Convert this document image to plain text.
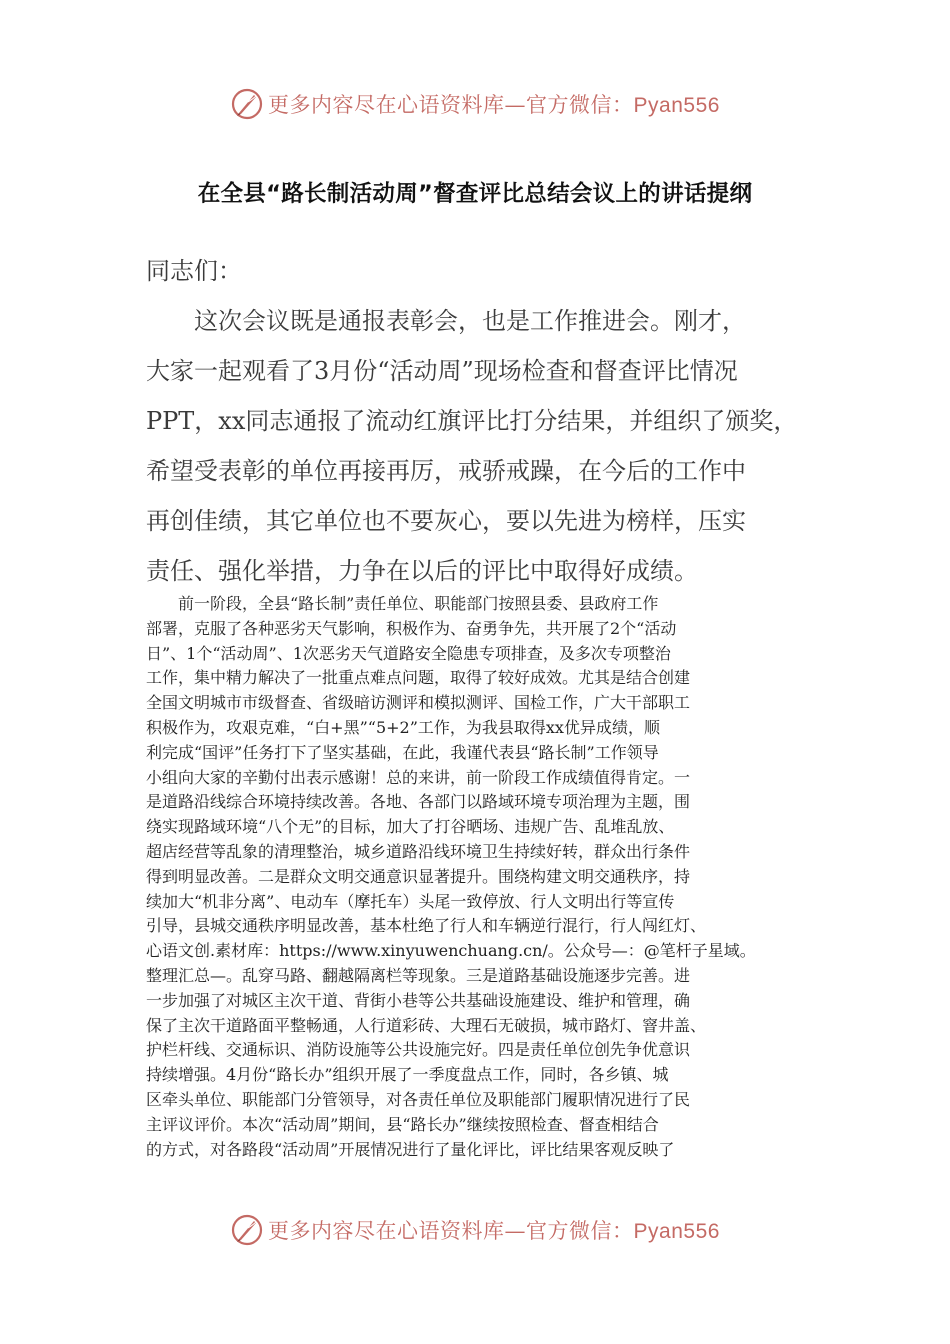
更多内容尽在心语资料库—官方微信：Pyan556
在全县“路长制活动周”督查评比总结会议上的讲话提纲
同志们：
　　这次会议既是通报表彰会，也是工作推进会。刚才，
大家一起观看了3月份“活动周”现场检查和督查评比情况
PPT，xx同志通报了流动红旗评比打分结果，并组织了颁奖，
希望受表彰的单位再接再厉，戒骄戒躁，在今后的工作中
再创佳绩，其它单位也不要灰心，要以先进为榜样，压实
责任、强化举措，力争在以后的评比中取得好成绩。
　　前一阶段，全县“路长制”责任单位、职能部门按照县委、县政府工作
部署，克服了各种恶劣天气影响，积极作为、奋勇争先，共开展了2个“活动
日”、1个“活动周”、1次恶劣天气道路安全隐患专项排查，及多次专项整治
工作，集中精力解决了一批重点难点问题，取得了较好成效。尤其是结合创建
全国文明城市市级督查、省级暗访测评和模拟测评、国检工作，广大干部职工
积极作为，攻艰克难，“白+黑”“5+2”工作，为我县取得xx优异成绩，顺
利完成“国评”任务打下了坚实基础，在此，我谨代表县“路长制”工作领导
小组向大家的辛勤付出表示感谢！总的来讲，前一阶段工作成绩值得肯定。一
是道路沿线综合环境持续改善。各地、各部门以路域环境专项治理为主题，围
绕实现路域环境“八个无”的目标，加大了打谷晒场、违规广告、乱堆乱放、
超店经营等乱象的清理整治，城乡道路沿线环境卫生持续好转，群众出行条件
得到明显改善。二是群众文明交通意识显著提升。围绕构建文明交通秩序，持
续加大“机非分离”、电动车（摩托车）头尾一致停放、行人文明出行等宣传
引导，县城交通秩序明显改善，基本杜绝了行人和车辆逆行混行，行人闯红灯、
心语文创.素材库：https://www.xinyuwenchuang.cn/。公众号—：@笔杆子星域。
整理汇总—。乱穿马路、翻越隔离栏等现象。三是道路基础设施逐步完善。进
一步加强了对城区主次干道、背街小巷等公共基础设施建设、维护和管理，确
保了主次干道路面平整畅通，人行道彩砖、大理石无破损，城市路灯、窨井盖、
护栏杆线、交通标识、消防设施等公共设施完好。四是责任单位创先争优意识
持续增强。4月份“路长办”组织开展了一季度盘点工作，同时，各乡镇、城
区牵头单位、职能部门分管领导，对各责任单位及职能部门履职情况进行了民
主评议评价。本次“活动周”期间，县“路长办”继续按照检查、督查相结合
的方式，对各路段“活动周”开展情况进行了量化评比，评比结果客观反映了
更多内容尽在心语资料库—官方微信：Pyan556
